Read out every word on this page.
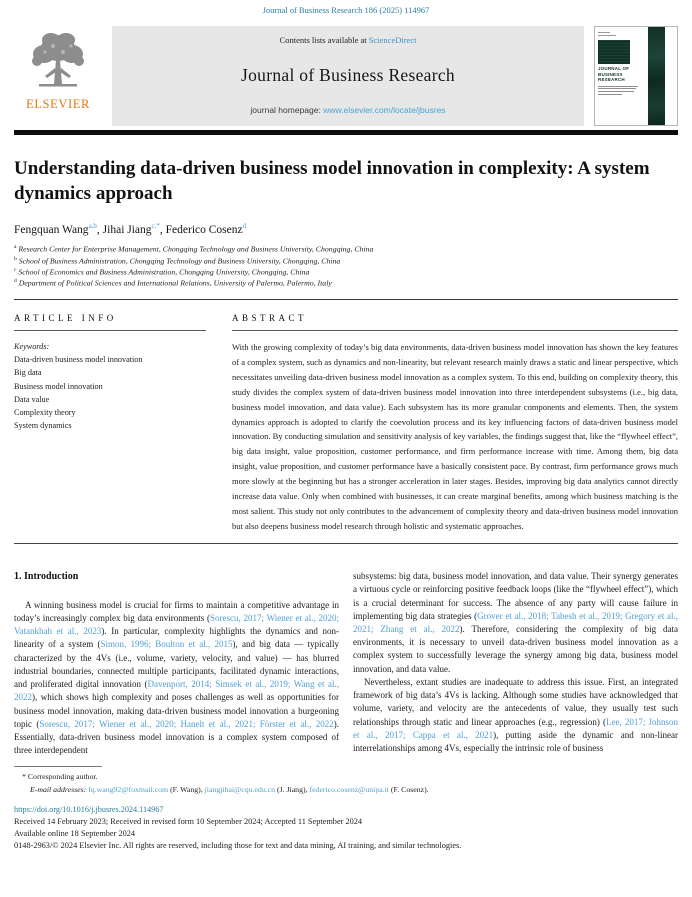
Journal of Business Research 186 (2025) 114967
ELSEVIER
Contents lists available at ScienceDirect
Journal of Business Research
journal homepage: www.elsevier.com/locate/jbusres
JOURNAL OF BUSINESS RESEARCH
Understanding data-driven business model innovation in complexity: A system dynamics approach
Fengquan Wang$^{a,b}$, Jihai Jiang$^{c,*}$, Federico Cosenz$^d$
$^a$ Research Center for Enterprise Management, Chongqing Technology and Business University, Chongqing, China
$^b$ School of Business Administration, Chongqing Technology and Business University, Chongqing, China
$^c$ School of Economics and Business Administration, Chongqing University, Chongqing, China
$^d$ Department of Political Sciences and International Relations, University of Palermo, Palermo, Italy
ARTICLE INFO
Keywords:
Data-driven business model innovation
Big data
Business model innovation
Data value
Complexity theory
System dynamics
ABSTRACT
With the growing complexity of today’s big data environments, data-driven business model innovation has shown the key features of a complex system, such as dynamics and non-linearity, but relevant research mainly draws a static and linear perspective, which necessitates unveiling data-driven business model innovation as a complex system. To this end, building on complexity theory, this study divides the complex system of data-driven business model innovation into three interdependent subsystems (i.e., big data, business model innovation, and data value). Each subsystem has its more granular components and elements. Then, the system dynamics approach is adopted to clarify the coevolution process and its key influencing factors of data-driven business model innovation. By conducting simulation and sensitivity analysis of key variables, the findings suggest that, like the “flywheel effect”, big data insight, value proposition, customer performance, and firm performance increase with time. Among them, big data insight, value proposition, and customer performance have a basically consistent pace. By contrast, firm performance grows much more slowly at the beginning but has a stronger acceleration in later stages. Besides, improving big data analytics cannot directly increase data value. Only when combined with businesses, it can create marginal benefits, among which business matching is the most salient. This study not only contributes to the advancement of complexity theory and data-driven business model innovation but also deepens business model research through holistic and systematic approaches.
1. Introduction

A winning business model is crucial for firms to maintain a competitive advantage in today’s increasingly complex big data environments (Sorescu, 2017; Wiener et al., 2020; Vatankhah et al., 2023). In particular, complexity highlights the dynamics and non-linearity of a system (Simon, 1996; Boulton et al., 2015), and big data — typically characterized by the 4Vs (i.e., volume, variety, velocity, and value) — has blurred industrial boundaries, connected multiple participants, facilitated dynamic interactions, and proliferated digital innovation (Davenport, 2014; Simsek et al., 2019; Wang et al., 2022), which shows high complexity and poses challenges as well as opportunities for business model innovation, making data-driven business model innovation a burgeoning topic (Sorescu, 2017; Wiener et al., 2020; Hanelt et al., 2021; Förster et al., 2022). Essentially, data-driven business model innovation is a complex system composed of three interdependent

subsystems: big data, business model innovation, and data value. Their synergy generates a virtuous cycle or reinforcing positive feedback loops (like the “flywheel effect”), which is a crucial determinant for success. The absence of any party will cause failure in implementing big data strategies (Grover et al., 2018; Tabesh et al., 2019; Gregory et al., 2021; Zhang et al., 2022). Therefore, considering the complexity of big data environments, it is necessary to unveil data-driven business model innovation as a complex system to successfully leverage the synergy among big data, business model innovation, and data value.

Nevertheless, extant studies are inadequate to address this issue. First, an integrated framework of big data’s 4Vs is lacking. Although some studies have acknowledged that volume, variety, and velocity are the antecedents of value, they usually test such relationships through static and linear approaches (e.g., regression) (Lee, 2017; Johnson et al., 2017; Cappa et al., 2021), putting aside the dynamic and non-linear interrelationships among 4Vs, especially the intrinsic role of business

* Corresponding author.
E-mail addresses: fq.wang92@foxmail.com (F. Wang), jiangjihai@cqu.edu.cn (J. Jiang), federico.cosenz@unipa.it (F. Cosenz).
https://doi.org/10.1016/j.jbusres.2024.114967
Received 14 February 2023; Received in revised form 10 September 2024; Accepted 11 September 2024
Available online 18 September 2024
0148-2963/© 2024 Elsevier Inc. All rights are reserved, including those for text and data mining, AI training, and similar technologies.
